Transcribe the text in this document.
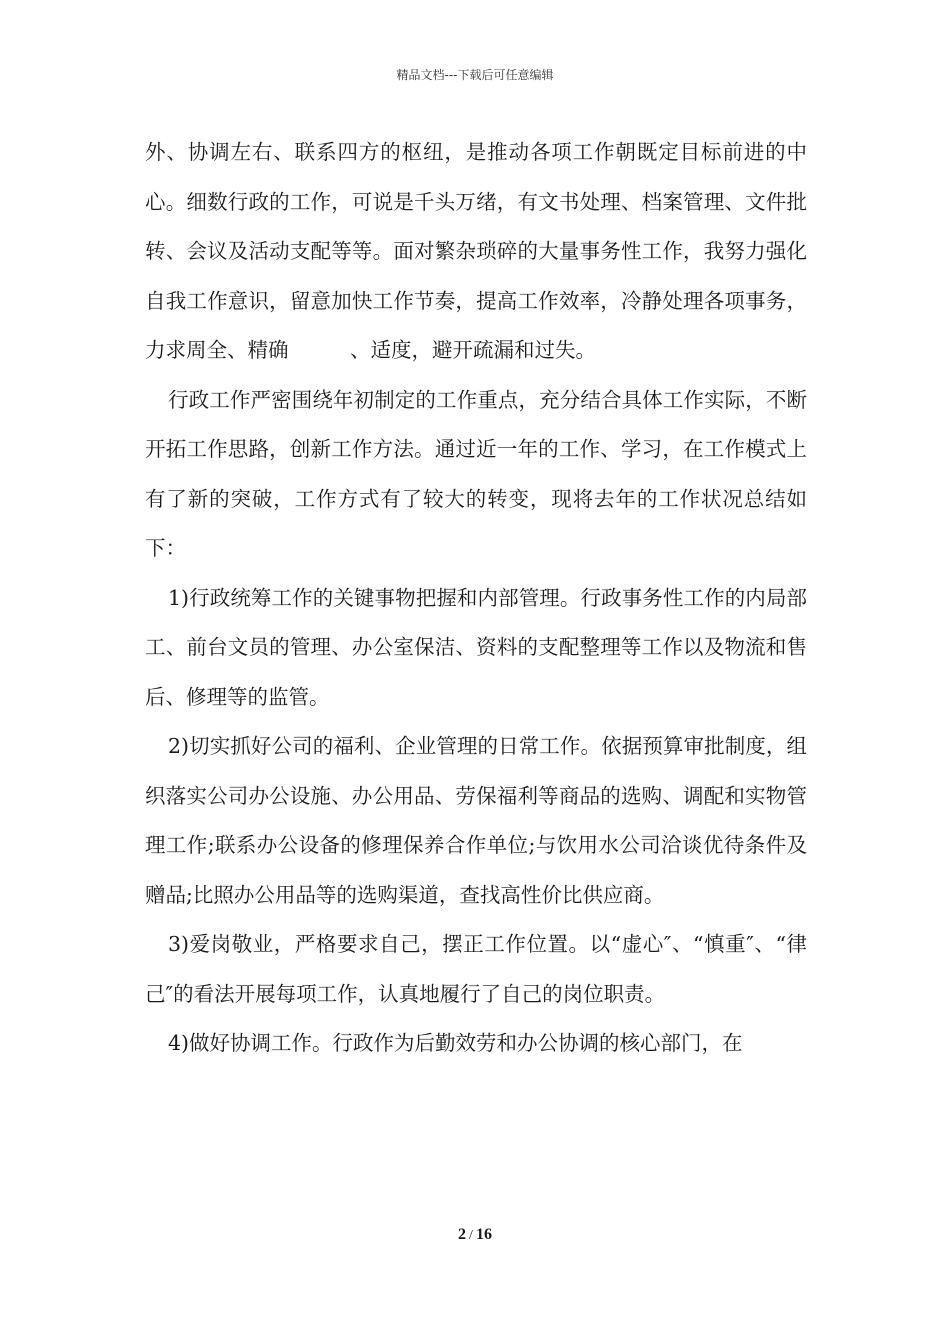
精品文档---下载后可任意编辑

外、协调左右、联系四方的枢纽，是推动各项工作朝既定目标前进的中心。细数行政的工作，可说是千头万绪，有文书处理、档案管理、文件批转、会议及活动支配等等。面对繁杂琐碎的大量事务性工作，我努力强化自我工作意识，留意加快工作节奏，提高工作效率，冷静处理各项事务，力求周全、精确　　　、适度，避开疏漏和过失。

行政工作严密围绕年初制定的工作重点，充分结合具体工作实际，不断开拓工作思路，创新工作方法。通过近一年的工作、学习，在工作模式上有了新的突破，工作方式有了较大的转变，现将去年的工作状况总结如下：

1)行政统筹工作的关键事物把握和内部管理。行政事务性工作的内局部工、前台文员的管理、办公室保洁、资料的支配整理等工作以及物流和售后、修理等的监管。

2)切实抓好公司的福利、企业管理的日常工作。依据预算审批制度，组织落实公司办公设施、办公用品、劳保福利等商品的选购、调配和实物管理工作;联系办公设备的修理保养合作单位;与饮用水公司洽谈优待条件及赠品;比照办公用品等的选购渠道，查找高性价比供应商。

3)爱岗敬业，严格要求自己，摆正工作位置。以“虚心″、“慎重″、“律己″的看法开展每项工作，认真地履行了自己的岗位职责。

4)做好协调工作。行政作为后勤效劳和办公协调的核心部门，在

2 / 16
